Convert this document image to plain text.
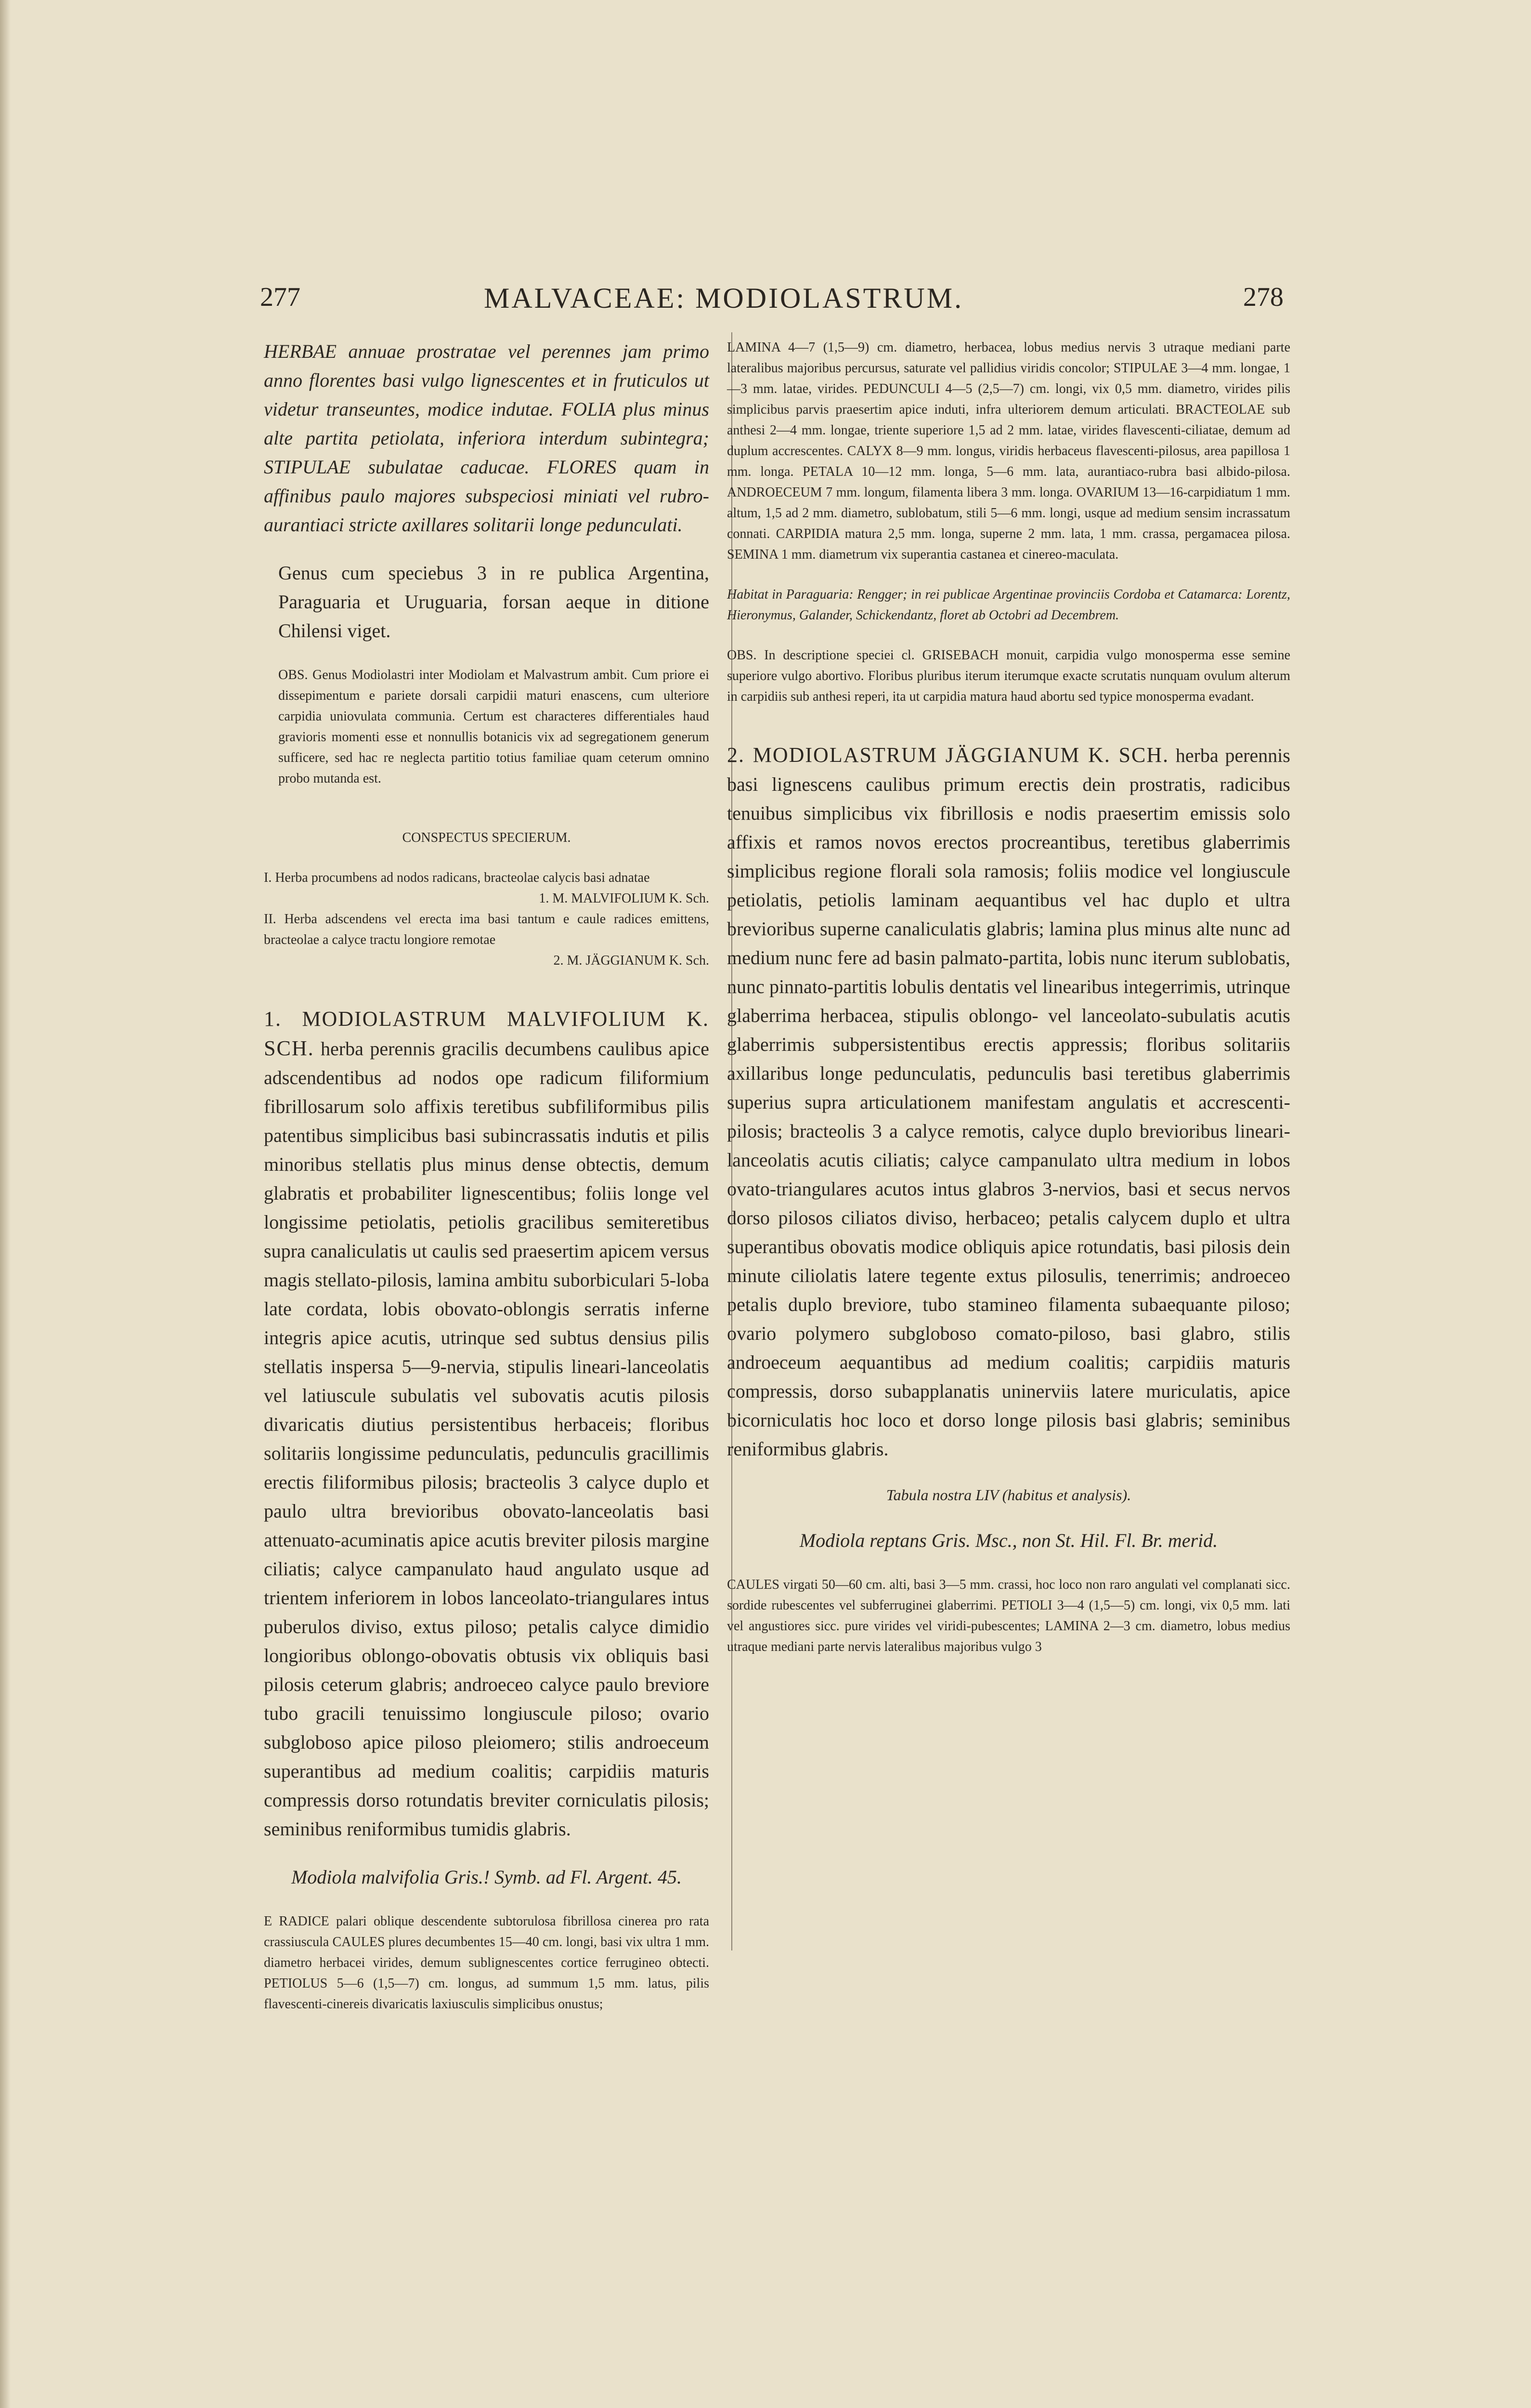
277	MALVACEAE: MODIOLASTRUM.	278

HERBAE annuae prostratae vel perennes jam primo anno florentes basi vulgo lignescentes et in fruticulos ut videtur transeuntes, modice indutae. FOLIA plus minus alte partita petiolata, inferiora interdum subintegra; STIPULAE subulatae caducae. FLORES quam in affinibus paulo majores subspeciosi miniati vel rubro-aurantiaci stricte axillares solitarii longe pedunculati.

Genus cum speciebus 3 in re publica Argentina, Paraguaria et Uruguaria, forsan aeque in ditione Chilensi viget.

OBS. Genus Modiolastri inter Modiolam et Malvastrum ambit. Cum priore ei dissepimentum e pariete dorsali carpidii maturi enascens, cum ulteriore carpidia uniovulata communia. Certum est characteres differentiales haud gravioris momenti esse et nonnullis botanicis vix ad segregationem generum sufficere, sed hac re neglecta partitio totius familiae quam ceterum omnino probo mutanda est.

CONSPECTUS SPECIERUM.

I. Herba procumbens ad nodos radicans, bracteolae calycis basi adnatae

1. M. MALVIFOLIUM K. Sch.

II. Herba adscendens vel erecta ima basi tantum e caule radices emittens, bracteolae a calyce tractu longiore remotae

2. M. JÄGGIANUM K. Sch.

1. MODIOLASTRUM MALVIFOLIUM K. SCH. herba perennis gracilis decumbens caulibus apice adscendentibus ad nodos ope radicum filiformium fibrillosarum solo affixis teretibus subfiliformibus pilis patentibus simplicibus basi subincrassatis indutis et pilis minoribus stellatis plus minus dense obtectis, demum glabratis et probabiliter lignescentibus; foliis longe vel longissime petiolatis, petiolis gracilibus semiteretibus supra canaliculatis ut caulis sed praesertim apicem versus magis stellato-pilosis, lamina ambitu suborbiculari 5-loba late cordata, lobis obovato-oblongis serratis inferne integris apice acutis, utrinque sed subtus densius pilis stellatis inspersa 5—9-nervia, stipulis lineari-lanceolatis vel latiuscule subulatis vel subovatis acutis pilosis divaricatis diutius persistentibus herbaceis; floribus solitariis longissime pedunculatis, pedunculis gracillimis erectis filiformibus pilosis; bracteolis 3 calyce duplo et paulo ultra brevioribus obovato-lanceolatis basi attenuato-acuminatis apice acutis breviter pilosis margine ciliatis; calyce campanulato haud angulato usque ad trientem inferiorem in lobos lanceolato-triangulares intus puberulos diviso, extus piloso; petalis calyce dimidio longioribus oblongo-obovatis obtusis vix obliquis basi pilosis ceterum glabris; androeceo calyce paulo breviore tubo gracili tenuissimo longiuscule piloso; ovario subgloboso apice piloso pleiomero; stilis androeceum superantibus ad medium coalitis; carpidiis maturis compressis dorso rotundatis breviter corniculatis pilosis; seminibus reniformibus tumidis glabris.

Modiola malvifolia Gris.! Symb. ad Fl. Argent. 45.

E RADICE palari oblique descendente subtorulosa fibrillosa cinerea pro rata crassiuscula CAULES plures decumbentes 15—40 cm. longi, basi vix ultra 1 mm. diametro herbacei virides, demum sublignescentes cortice ferrugineo obtecti. PETIOLUS 5—6 (1,5—7) cm. longus, ad summum 1,5 mm. latus, pilis flavescenti-cinereis divaricatis laxiusculis simplicibus onustus;

LAMINA 4—7 (1,5—9) cm. diametro, herbacea, lobus medius nervis 3 utraque mediani parte lateralibus majoribus percursus, saturate vel pallidius viridis concolor; STIPULAE 3—4 mm. longae, 1—3 mm. latae, virides. PEDUNCULI 4—5 (2,5—7) cm. longi, vix 0,5 mm. diametro, virides pilis simplicibus parvis praesertim apice induti, infra ulteriorem demum articulati. BRACTEOLAE sub anthesi 2—4 mm. longae, triente superiore 1,5 ad 2 mm. latae, virides flavescenti-ciliatae, demum ad duplum accrescentes. CALYX 8—9 mm. longus, viridis herbaceus flavescenti-pilosus, area papillosa 1 mm. longa. PETALA 10—12 mm. longa, 5—6 mm. lata, aurantiaco-rubra basi albido-pilosa. ANDROECEUM 7 mm. longum, filamenta libera 3 mm. longa. OVARIUM 13—16-carpidiatum 1 mm. altum, 1,5 ad 2 mm. diametro, sublobatum, stili 5—6 mm. longi, usque ad medium sensim incrassatum connati. CARPIDIA matura 2,5 mm. longa, superne 2 mm. lata, 1 mm. crassa, pergamacea pilosa. SEMINA 1 mm. diametrum vix superantia castanea et cinereo-maculata.

Habitat in Paraguaria: Rengger; in rei publicae Argentinae provinciis Cordoba et Catamarca: Lorentz, Hieronymus, Galander, Schickendantz, floret ab Octobri ad Decembrem.

OBS. In descriptione speciei cl. GRISEBACH monuit, carpidia vulgo monosperma esse semine superiore vulgo abortivo. Floribus pluribus iterum iterumque exacte scrutatis nunquam ovulum alterum in carpidiis sub anthesi reperi, ita ut carpidia matura haud abortu sed typice monosperma evadant.

2. MODIOLASTRUM JÄGGIANUM K. SCH. herba perennis basi lignescens caulibus primum erectis dein prostratis, radicibus tenuibus simplicibus vix fibrillosis e nodis praesertim emissis solo affixis et ramos novos erectos procreantibus, teretibus glaberrimis simplicibus regione florali sola ramosis; foliis modice vel longiuscule petiolatis, petiolis laminam aequantibus vel hac duplo et ultra brevioribus superne canaliculatis glabris; lamina plus minus alte nunc ad medium nunc fere ad basin palmato-partita, lobis nunc iterum sublobatis, nunc pinnato-partitis lobulis dentatis vel linearibus integerrimis, utrinque glaberrima herbacea, stipulis oblongo- vel lanceolato-subulatis acutis glaberrimis subpersistentibus erectis appressis; floribus solitariis axillaribus longe pedunculatis, pedunculis basi teretibus glaberrimis superius supra articulationem manifestam angulatis et accrescenti-pilosis; bracteolis 3 a calyce remotis, calyce duplo brevioribus lineari-lanceolatis acutis ciliatis; calyce campanulato ultra medium in lobos ovato-triangulares acutos intus glabros 3-nervios, basi et secus nervos dorso pilosos ciliatos diviso, herbaceo; petalis calycem duplo et ultra superantibus obovatis modice obliquis apice rotundatis, basi pilosis dein minute ciliolatis latere tegente extus pilosulis, tenerrimis; androeceo petalis duplo breviore, tubo stamineo filamenta subaequante piloso; ovario polymero subgloboso comato-piloso, basi glabro, stilis androeceum aequantibus ad medium coalitis; carpidiis maturis compressis, dorso subapplanatis uninerviis latere muriculatis, apice bicorniculatis hoc loco et dorso longe pilosis basi glabris; seminibus reniformibus glabris.

Tabula nostra LIV (habitus et analysis).

Modiola reptans Gris. Msc., non St. Hil. Fl. Br. merid.

CAULES virgati 50—60 cm. alti, basi 3—5 mm. crassi, hoc loco non raro angulati vel complanati sicc. sordide rubescentes vel subferruginei glaberrimi. PETIOLI 3—4 (1,5—5) cm. longi, vix 0,5 mm. lati vel angustiores sicc. pure virides vel viridi-pubescentes; LAMINA 2—3 cm. diametro, lobus medius utraque mediani parte nervis lateralibus majoribus vulgo 3
